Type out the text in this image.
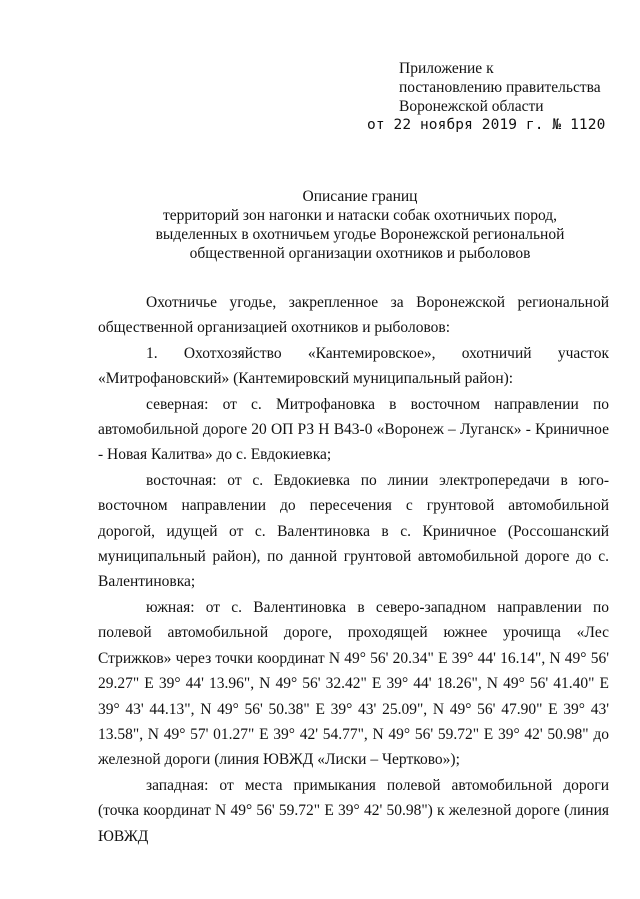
Приложение к
постановлению правительства
Воронежской области
от 22 ноября 2019 г. № 1120
Описание границ
территорий зон нагонки и натаски собак охотничьих пород,
выделенных в охотничьем угодье Воронежской региональной
общественной организации охотников и рыболовов

Охотничье угодье, закрепленное за Воронежской региональной общественной организацией охотников и рыболовов:

1. Охотхозяйство «Кантемировское», охотничий участок

«Митрофановский» (Кантемировский муниципальный район):

северная: от с. Митрофановка в восточном направлении по автомобильной дороге 20 ОП РЗ Н В43-0 «Воронеж – Луганск» - Криничное - Новая Калитва» до с. Евдокиевка;

восточная: от с. Евдокиевка по линии электропередачи в юго-восточном направлении до пересечения с грунтовой автомобильной дорогой, идущей от с. Валентиновка в с. Криничное (Россошанский муниципальный район), по данной грунтовой автомобильной дороге до с. Валентиновка;

южная: от с. Валентиновка в северо-западном направлении по полевой автомобильной дороге, проходящей южнее урочища «Лес Стрижков» через точки координат N 49° 56' 20.34" E 39° 44' 16.14", N 49° 56' 29.27" E 39° 44' 13.96", N 49° 56' 32.42" E 39° 44' 18.26", N 49° 56' 41.40" E 39° 43' 44.13", N 49° 56' 50.38" E 39° 43' 25.09", N 49° 56' 47.90" E 39° 43' 13.58", N 49° 57' 01.27" E 39° 42' 54.77", N 49° 56' 59.72" E 39° 42' 50.98" до железной дороги (линия ЮВЖД «Лиски – Чертково»);

западная: от места примыкания полевой автомобильной дороги (точка координат N 49° 56' 59.72" E 39° 42' 50.98") к железной дороге (линия ЮВЖД
